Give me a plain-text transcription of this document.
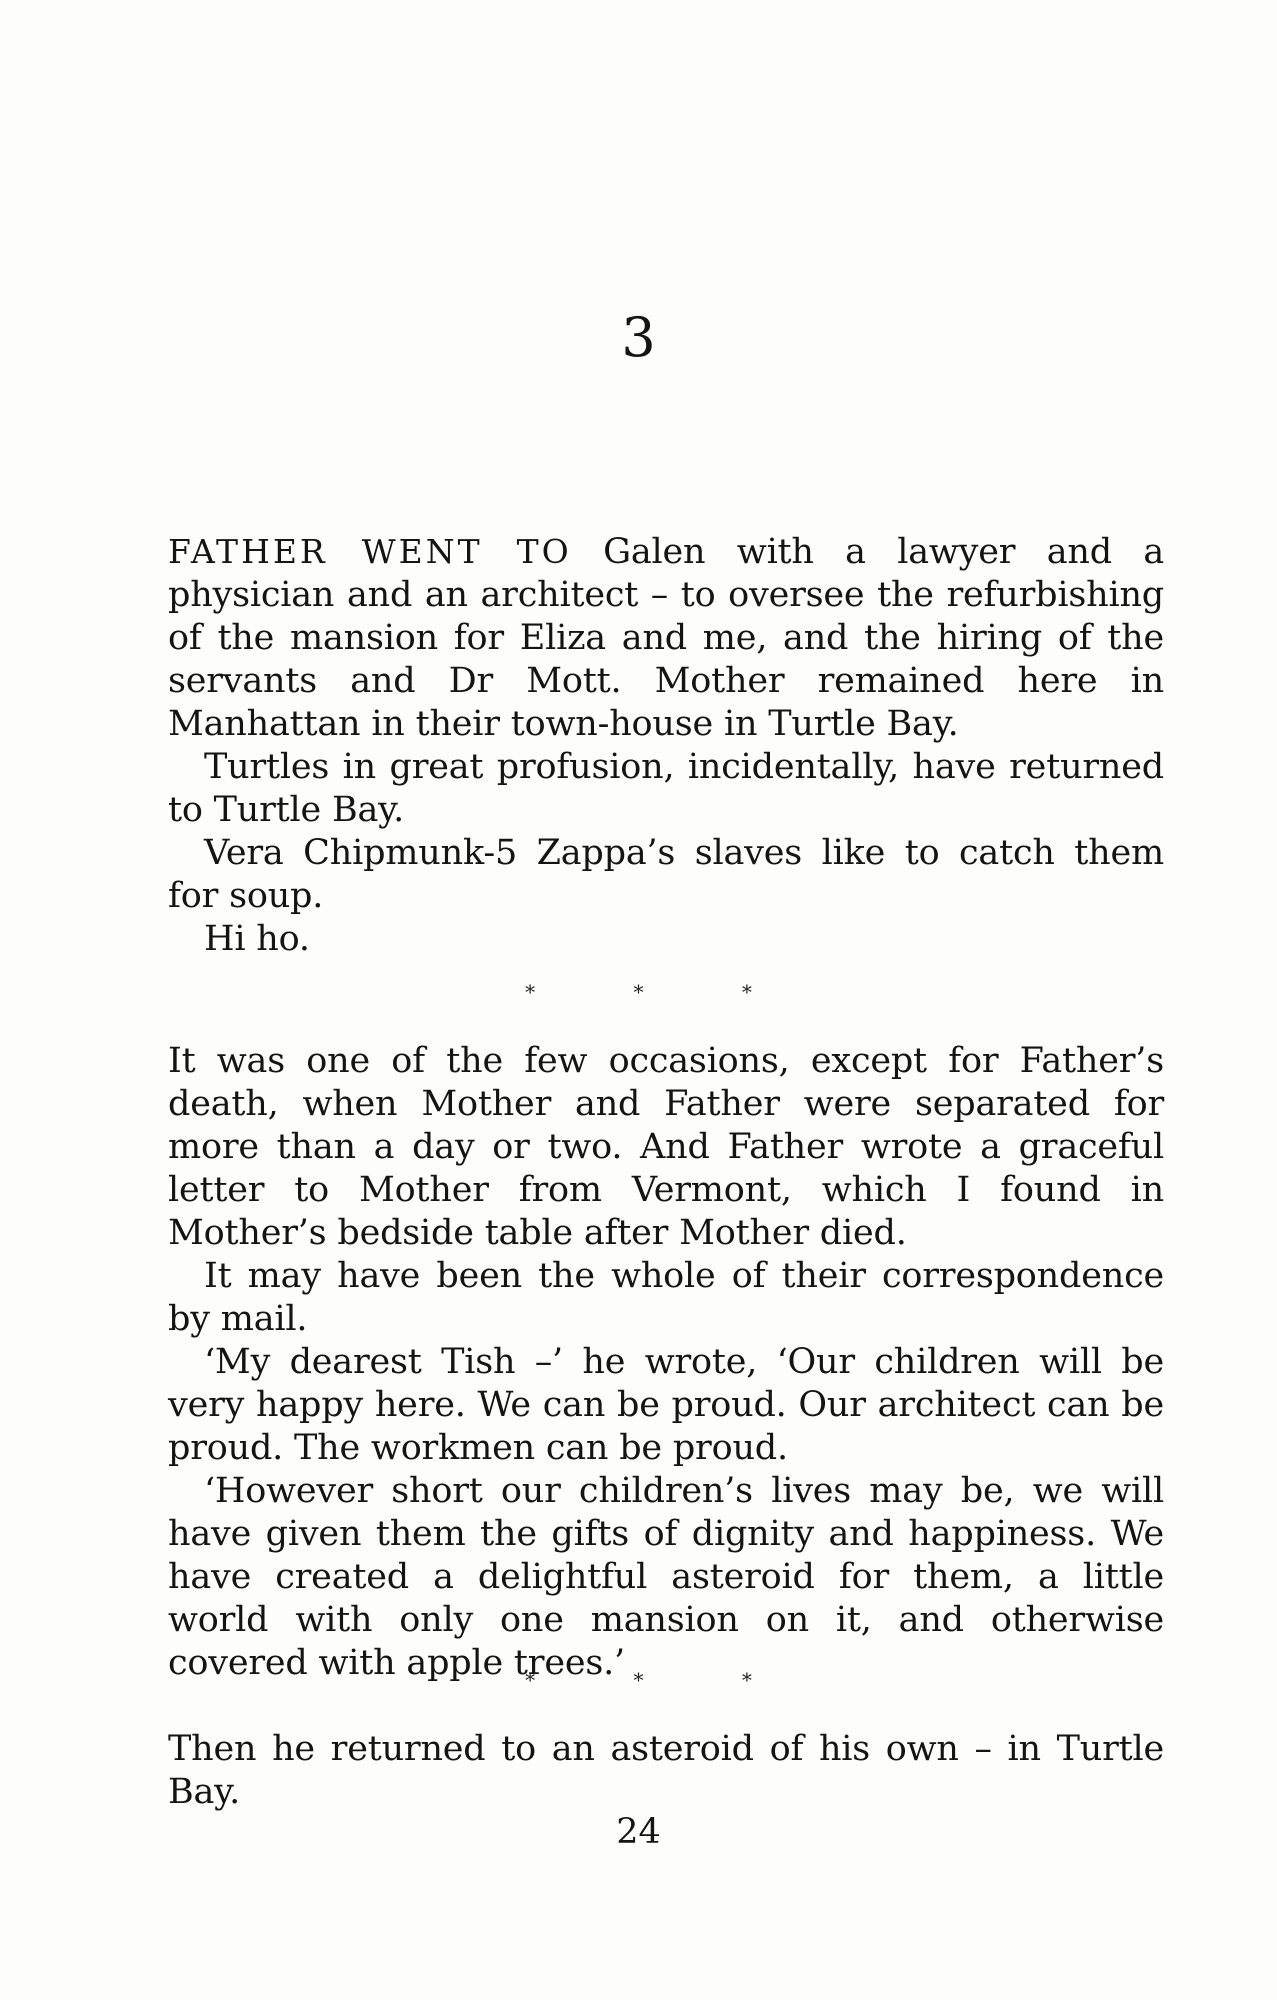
3

FATHER WENT TO Galen with a lawyer and a physician and an architect – to oversee the refurbishing of the mansion for Eliza and me, and the hiring of the servants and Dr Mott. Mother remained here in Manhattan in their town-house in Turtle Bay.

Turtles in great profusion, incidentally, have returned to Turtle Bay.

Vera Chipmunk-5 Zappa’s slaves like to catch them for soup.

Hi ho.

* * *

It was one of the few occasions, except for Father’s death, when Mother and Father were separated for more than a day or two. And Father wrote a graceful letter to Mother from Vermont, which I found in Mother’s bedside table after Mother died.

It may have been the whole of their correspondence by mail.

‘My dearest Tish –’ he wrote, ‘Our children will be very happy here. We can be proud. Our architect can be proud. The workmen can be proud.

‘However short our children’s lives may be, we will have given them the gifts of dignity and happiness. We have created a delightful asteroid for them, a little world with only one mansion on it, and otherwise covered with apple trees.’

* * *

Then he returned to an asteroid of his own – in Turtle Bay.

24
